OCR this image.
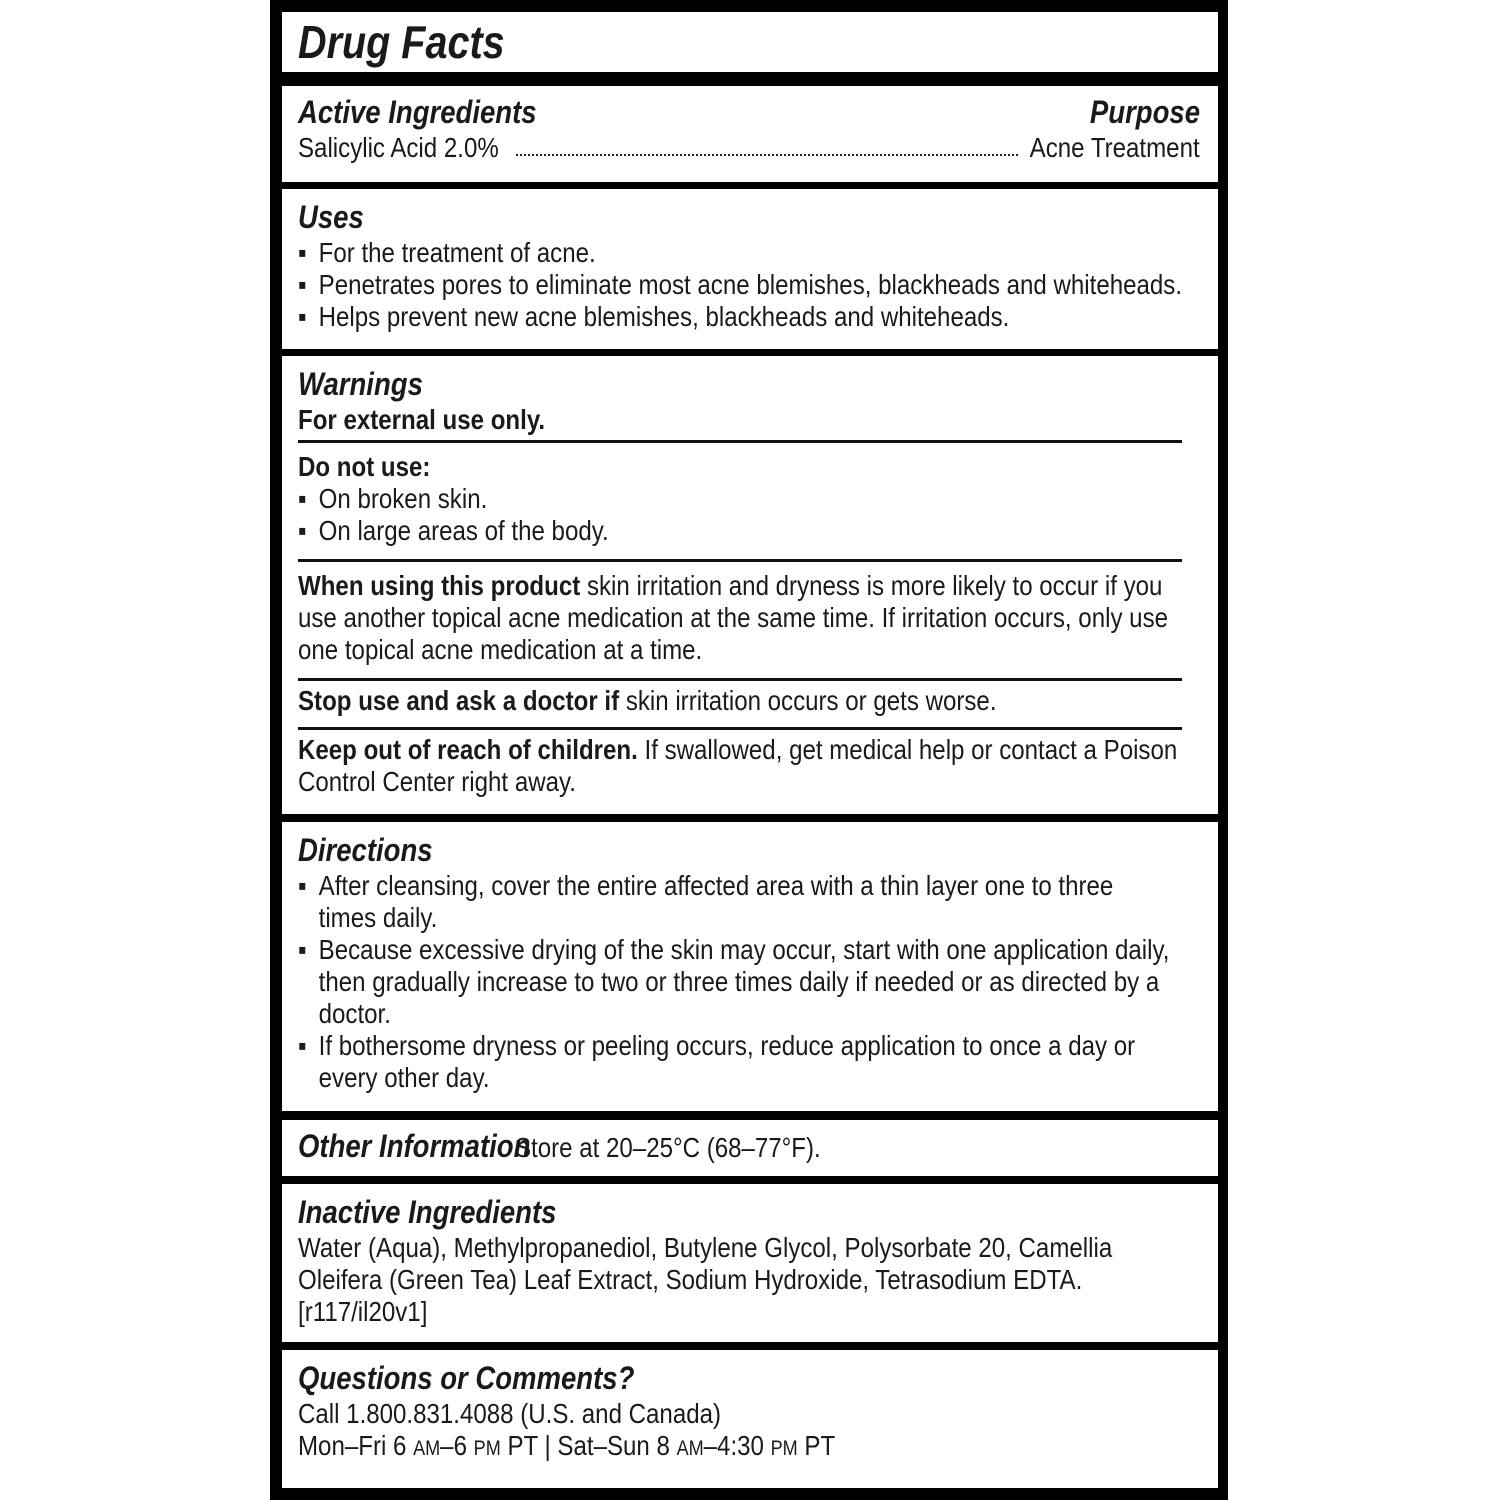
Drug Facts
Active Ingredients	Purpose
Salicylic Acid 2.0%	Acne Treatment
Uses
▪ For the treatment of acne.
▪ Penetrates pores to eliminate most acne blemishes, blackheads and whiteheads.
▪ Helps prevent new acne blemishes, blackheads and whiteheads.
Warnings
For external use only.
Do not use:
▪ On broken skin.
▪ On large areas of the body.
When using this product skin irritation and dryness is more likely to occur if you use another topical acne medication at the same time. If irritation occurs, only use one topical acne medication at a time.
Stop use and ask a doctor if skin irritation occurs or gets worse.
Keep out of reach of children. If swallowed, get medical help or contact a Poison Control Center right away.
Directions
▪ After cleansing, cover the entire affected area with a thin layer one to three times daily.
▪ Because excessive drying of the skin may occur, start with one application daily, then gradually increase to two or three times daily if needed or as directed by a doctor.
▪ If bothersome dryness or peeling occurs, reduce application to once a day or every other day.
Other Information Store at 20–25°C (68–77°F).
Inactive Ingredients
Water (Aqua), Methylpropanediol, Butylene Glycol, Polysorbate 20, Camellia Oleifera (Green Tea) Leaf Extract, Sodium Hydroxide, Tetrasodium EDTA. [r117/il20v1]
Questions or Comments?
Call 1.800.831.4088 (U.S. and Canada)
Mon–Fri 6 AM–6 PM PT | Sat–Sun 8 AM–4:30 PM PT
